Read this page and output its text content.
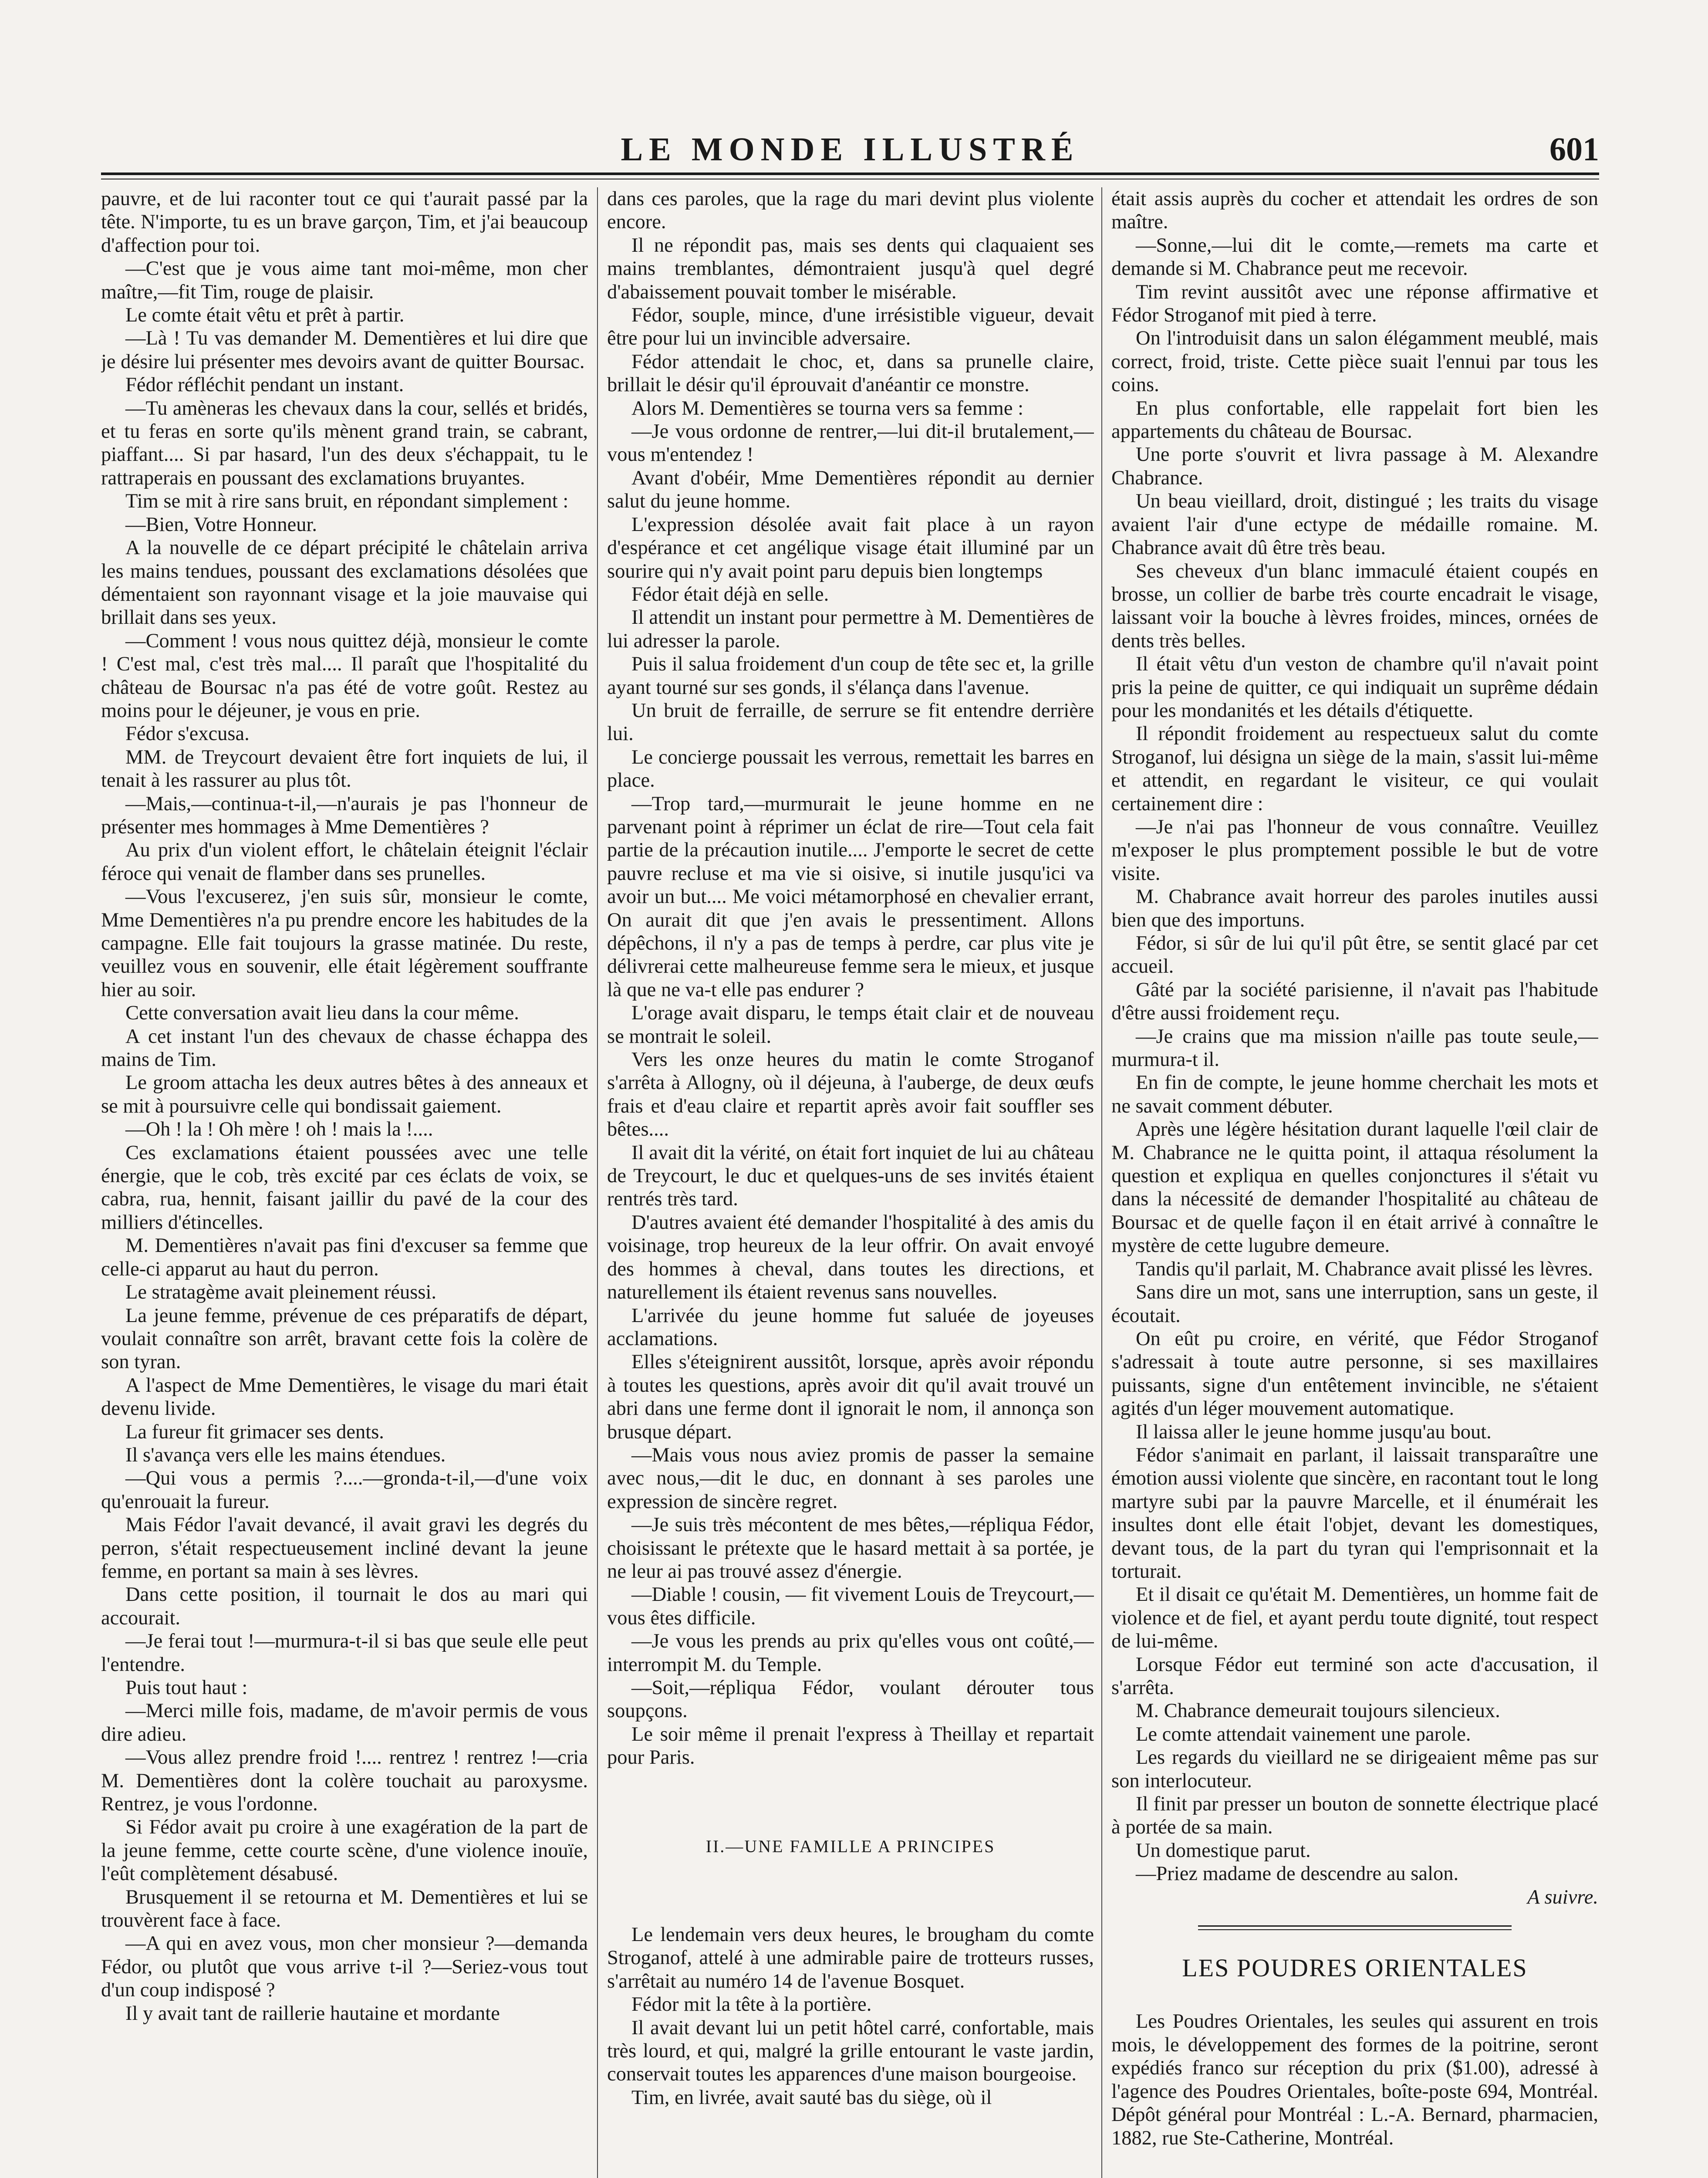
LE MONDE ILLUSTRÉ	601

pauvre, et de lui raconter tout ce qui t'aurait passé par la tête. N'importe, tu es un brave garçon, Tim, et j'ai beaucoup d'affection pour toi.

—C'est que je vous aime tant moi-même, mon cher maître,—fit Tim, rouge de plaisir.

Le comte était vêtu et prêt à partir.

—Là ! Tu vas demander M. Dementières et lui dire que je désire lui présenter mes devoirs avant de quitter Boursac.

Fédor réfléchit pendant un instant.

—Tu amèneras les chevaux dans la cour, sellés et bridés, et tu feras en sorte qu'ils mènent grand train, se cabrant, piaffant.... Si par hasard, l'un des deux s'échappait, tu le rattraperais en poussant des exclamations bruyantes.

Tim se mit à rire sans bruit, en répondant simplement :

—Bien, Votre Honneur.

A la nouvelle de ce départ précipité le châtelain arriva les mains tendues, poussant des exclamations désolées que démentaient son rayonnant visage et la joie mauvaise qui brillait dans ses yeux.

—Comment ! vous nous quittez déjà, monsieur le comte ! C'est mal, c'est très mal.... Il paraît que l'hospitalité du château de Boursac n'a pas été de votre goût. Restez au moins pour le déjeuner, je vous en prie.

Fédor s'excusa.

MM. de Treycourt devaient être fort inquiets de lui, il tenait à les rassurer au plus tôt.

—Mais,—continua-t-il,—n'aurais je pas l'honneur de présenter mes hommages à Mme Dementières ?

Au prix d'un violent effort, le châtelain éteignit l'éclair féroce qui venait de flamber dans ses prunelles.

—Vous l'excuserez, j'en suis sûr, monsieur le comte, Mme Dementières n'a pu prendre encore les habitudes de la campagne. Elle fait toujours la grasse matinée. Du reste, veuillez vous en souvenir, elle était légèrement souffrante hier au soir.

Cette conversation avait lieu dans la cour même.

A cet instant l'un des chevaux de chasse échappa des mains de Tim.

Le groom attacha les deux autres bêtes à des anneaux et se mit à poursuivre celle qui bondissait gaiement.

—Oh ! la ! Oh mère ! oh ! mais la !....

Ces exclamations étaient poussées avec une telle énergie, que le cob, très excité par ces éclats de voix, se cabra, rua, hennit, faisant jaillir du pavé de la cour des milliers d'étincelles.

M. Dementières n'avait pas fini d'excuser sa femme que celle-ci apparut au haut du perron.

Le stratagème avait pleinement réussi.

La jeune femme, prévenue de ces préparatifs de départ, voulait connaître son arrêt, bravant cette fois la colère de son tyran.

A l'aspect de Mme Dementières, le visage du mari était devenu livide.

La fureur fit grimacer ses dents.

Il s'avança vers elle les mains étendues.

—Qui vous a permis ?....—gronda-t-il,—d'une voix qu'enrouait la fureur.

Mais Fédor l'avait devancé, il avait gravi les degrés du perron, s'était respectueusement incliné devant la jeune femme, en portant sa main à ses lèvres.

Dans cette position, il tournait le dos au mari qui accourait.

—Je ferai tout !—murmura-t-il si bas que seule elle peut l'entendre.

Puis tout haut :

—Merci mille fois, madame, de m'avoir permis de vous dire adieu.

—Vous allez prendre froid !.... rentrez ! rentrez !—cria M. Dementières dont la colère touchait au paroxysme. Rentrez, je vous l'ordonne.

Si Fédor avait pu croire à une exagération de la part de la jeune femme, cette courte scène, d'une violence inouïe, l'eût complètement désabusé.

Brusquement il se retourna et M. Dementières et lui se trouvèrent face à face.

—A qui en avez vous, mon cher monsieur ?—demanda Fédor, ou plutôt que vous arrive t-il ?—Seriez-vous tout d'un coup indisposé ?

Il y avait tant de raillerie hautaine et mordante

dans ces paroles, que la rage du mari devint plus violente encore.

Il ne répondit pas, mais ses dents qui claquaient ses mains tremblantes, démontraient jusqu'à quel degré d'abaissement pouvait tomber le misérable.

Fédor, souple, mince, d'une irrésistible vigueur, devait être pour lui un invincible adversaire.

Fédor attendait le choc, et, dans sa prunelle claire, brillait le désir qu'il éprouvait d'anéantir ce monstre.

Alors M. Dementières se tourna vers sa femme :

—Je vous ordonne de rentrer,—lui dit-il brutalement,—vous m'entendez !

Avant d'obéir, Mme Dementières répondit au dernier salut du jeune homme.

L'expression désolée avait fait place à un rayon d'espérance et cet angélique visage était illuminé par un sourire qui n'y avait point paru depuis bien longtemps

Fédor était déjà en selle.

Il attendit un instant pour permettre à M. Dementières de lui adresser la parole.

Puis il salua froidement d'un coup de tête sec et, la grille ayant tourné sur ses gonds, il s'élança dans l'avenue.

Un bruit de ferraille, de serrure se fit entendre derrière lui.

Le concierge poussait les verrous, remettait les barres en place.

—Trop tard,—murmurait le jeune homme en ne parvenant point à réprimer un éclat de rire—Tout cela fait partie de la précaution inutile.... J'emporte le secret de cette pauvre recluse et ma vie si oisive, si inutile jusqu'ici va avoir un but.... Me voici métamorphosé en chevalier errant, On aurait dit que j'en avais le pressentiment. Allons dépêchons, il n'y a pas de temps à perdre, car plus vite je délivrerai cette malheureuse femme sera le mieux, et jusque là que ne va-t elle pas endurer ?

L'orage avait disparu, le temps était clair et de nouveau se montrait le soleil.

Vers les onze heures du matin le comte Stroganof s'arrêta à Allogny, où il déjeuna, à l'auberge, de deux œufs frais et d'eau claire et repartit après avoir fait souffler ses bêtes....

Il avait dit la vérité, on était fort inquiet de lui au château de Treycourt, le duc et quelques-uns de ses invités étaient rentrés très tard.

D'autres avaient été demander l'hospitalité à des amis du voisinage, trop heureux de la leur offrir. On avait envoyé des hommes à cheval, dans toutes les directions, et naturellement ils étaient revenus sans nouvelles.

L'arrivée du jeune homme fut saluée de joyeuses acclamations.

Elles s'éteignirent aussitôt, lorsque, après avoir répondu à toutes les questions, après avoir dit qu'il avait trouvé un abri dans une ferme dont il ignorait le nom, il annonça son brusque départ.

—Mais vous nous aviez promis de passer la semaine avec nous,—dit le duc, en donnant à ses paroles une expression de sincère regret.

—Je suis très mécontent de mes bêtes,—répliqua Fédor, choisissant le prétexte que le hasard mettait à sa portée, je ne leur ai pas trouvé assez d'énergie.

—Diable ! cousin, — fit vivement Louis de Treycourt,—vous êtes difficile.

—Je vous les prends au prix qu'elles vous ont coûté,—interrompit M. du Temple.

—Soit,—répliqua Fédor, voulant dérouter tous soupçons.

Le soir même il prenait l'express à Theillay et repartait pour Paris.

II.—UNE FAMILLE A PRINCIPES

Le lendemain vers deux heures, le brougham du comte Stroganof, attelé à une admirable paire de trotteurs russes, s'arrêtait au numéro 14 de l'avenue Bosquet.

Fédor mit la tête à la portière.

Il avait devant lui un petit hôtel carré, confortable, mais très lourd, et qui, malgré la grille entourant le vaste jardin, conservait toutes les apparences d'une maison bourgeoise.

Tim, en livrée, avait sauté bas du siège, où il

était assis auprès du cocher et attendait les ordres de son maître.

—Sonne,—lui dit le comte,—remets ma carte et demande si M. Chabrance peut me recevoir.

Tim revint aussitôt avec une réponse affirmative et Fédor Stroganof mit pied à terre.

On l'introduisit dans un salon élégamment meublé, mais correct, froid, triste. Cette pièce suait l'ennui par tous les coins.

En plus confortable, elle rappelait fort bien les appartements du château de Boursac.

Une porte s'ouvrit et livra passage à M. Alexandre Chabrance.

Un beau vieillard, droit, distingué ; les traits du visage avaient l'air d'une ectype de médaille romaine. M. Chabrance avait dû être très beau.

Ses cheveux d'un blanc immaculé étaient coupés en brosse, un collier de barbe très courte encadrait le visage, laissant voir la bouche à lèvres froides, minces, ornées de dents très belles.

Il était vêtu d'un veston de chambre qu'il n'avait point pris la peine de quitter, ce qui indiquait un suprême dédain pour les mondanités et les détails d'étiquette.

Il répondit froidement au respectueux salut du comte Stroganof, lui désigna un siège de la main, s'assit lui-même et attendit, en regardant le visiteur, ce qui voulait certainement dire :

—Je n'ai pas l'honneur de vous connaître. Veuillez m'exposer le plus promptement possible le but de votre visite.

M. Chabrance avait horreur des paroles inutiles aussi bien que des importuns.

Fédor, si sûr de lui qu'il pût être, se sentit glacé par cet accueil.

Gâté par la société parisienne, il n'avait pas l'habitude d'être aussi froidement reçu.

—Je crains que ma mission n'aille pas toute seule,—murmura-t il.

En fin de compte, le jeune homme cherchait les mots et ne savait comment débuter.

Après une légère hésitation durant laquelle l'œil clair de M. Chabrance ne le quitta point, il attaqua résolument la question et expliqua en quelles conjonctures il s'était vu dans la nécessité de demander l'hospitalité au château de Boursac et de quelle façon il en était arrivé à connaître le mystère de cette lugubre demeure.

Tandis qu'il parlait, M. Chabrance avait plissé les lèvres.

Sans dire un mot, sans une interruption, sans un geste, il écoutait.

On eût pu croire, en vérité, que Fédor Stroganof s'adressait à toute autre personne, si ses maxillaires puissants, signe d'un entêtement invincible, ne s'étaient agités d'un léger mouvement automatique.

Il laissa aller le jeune homme jusqu'au bout.

Fédor s'animait en parlant, il laissait transparaître une émotion aussi violente que sincère, en racontant tout le long martyre subi par la pauvre Marcelle, et il énumérait les insultes dont elle était l'objet, devant les domestiques, devant tous, de la part du tyran qui l'emprisonnait et la torturait.

Et il disait ce qu'était M. Dementières, un homme fait de violence et de fiel, et ayant perdu toute dignité, tout respect de lui-même.

Lorsque Fédor eut terminé son acte d'accusation, il s'arrêta.

M. Chabrance demeurait toujours silencieux.

Le comte attendait vainement une parole.

Les regards du vieillard ne se dirigeaient même pas sur son interlocuteur.

Il finit par presser un bouton de sonnette électrique placé à portée de sa main.

Un domestique parut.

—Priez madame de descendre au salon.

A suivre.

LES POUDRES ORIENTALES

Les Poudres Orientales, les seules qui assurent en trois mois, le développement des formes de la poitrine, seront expédiés franco sur réception du prix ($1.00), adressé à l'agence des Poudres Orientales, boîte-poste 694, Montréal. Dépôt général pour Montréal : L.-A. Bernard, pharmacien, 1882, rue Ste-Catherine, Montréal.
